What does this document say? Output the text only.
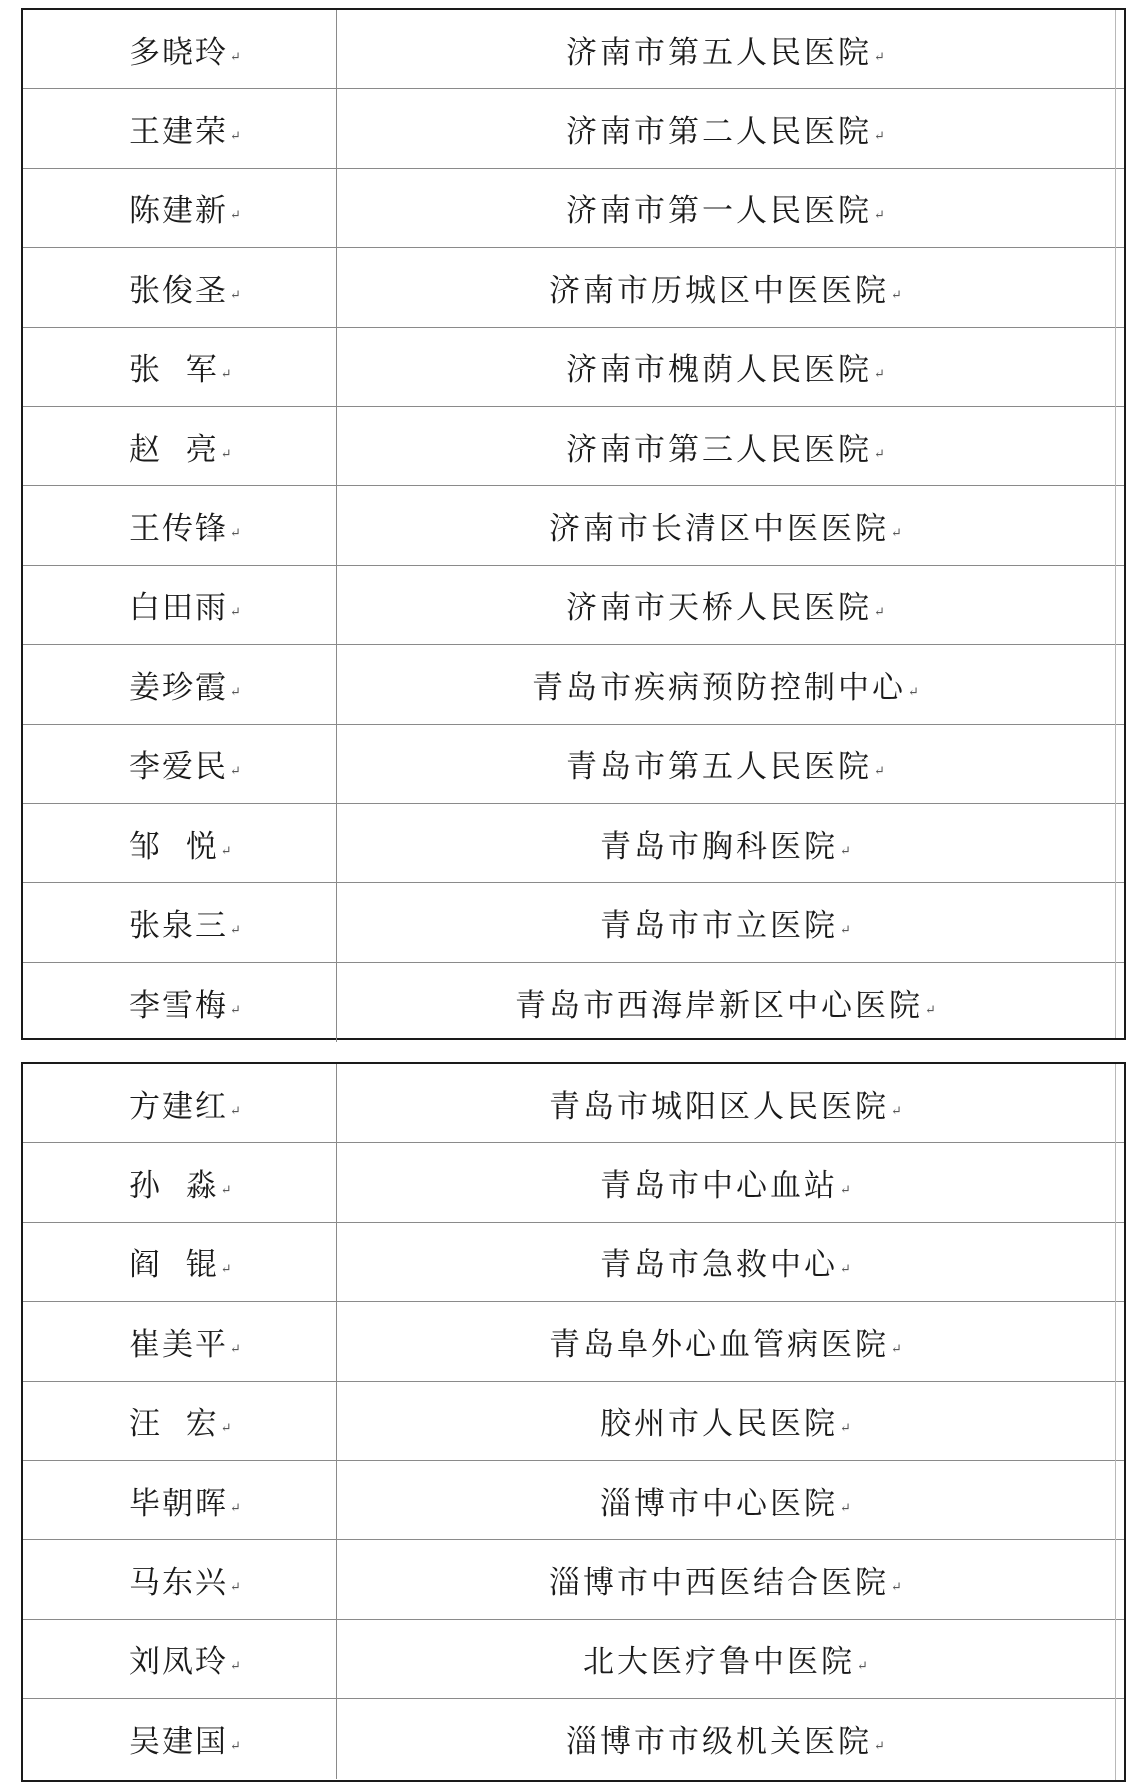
多晓玲 ↵	济南市第五人民医院 ↵
王建荣 ↵	济南市第二人民医院 ↵
陈建新 ↵	济南市第一人民医院 ↵
张俊圣 ↵	济南市历城区中医医院 ↵
张  军 ↵	济南市槐荫人民医院 ↵
赵  亮 ↵	济南市第三人民医院 ↵
王传锋 ↵	济南市长清区中医医院 ↵
白田雨 ↵	济南市天桥人民医院 ↵
姜珍霞 ↵	青岛市疾病预防控制中心 ↵
李爱民 ↵	青岛市第五人民医院 ↵
邹  悦 ↵	青岛市胸科医院 ↵
张泉三 ↵	青岛市市立医院 ↵
李雪梅 ↵	青岛市西海岸新区中心医院 ↵
方建红 ↵	青岛市城阳区人民医院 ↵
孙  淼 ↵	青岛市中心血站 ↵
阎  锟 ↵	青岛市急救中心 ↵
崔美平 ↵	青岛阜外心血管病医院 ↵
汪  宏 ↵	胶州市人民医院 ↵
毕朝晖 ↵	淄博市中心医院 ↵
马东兴 ↵	淄博市中西医结合医院 ↵
刘凤玲 ↵	北大医疗鲁中医院 ↵
吴建国 ↵	淄博市市级机关医院 ↵
